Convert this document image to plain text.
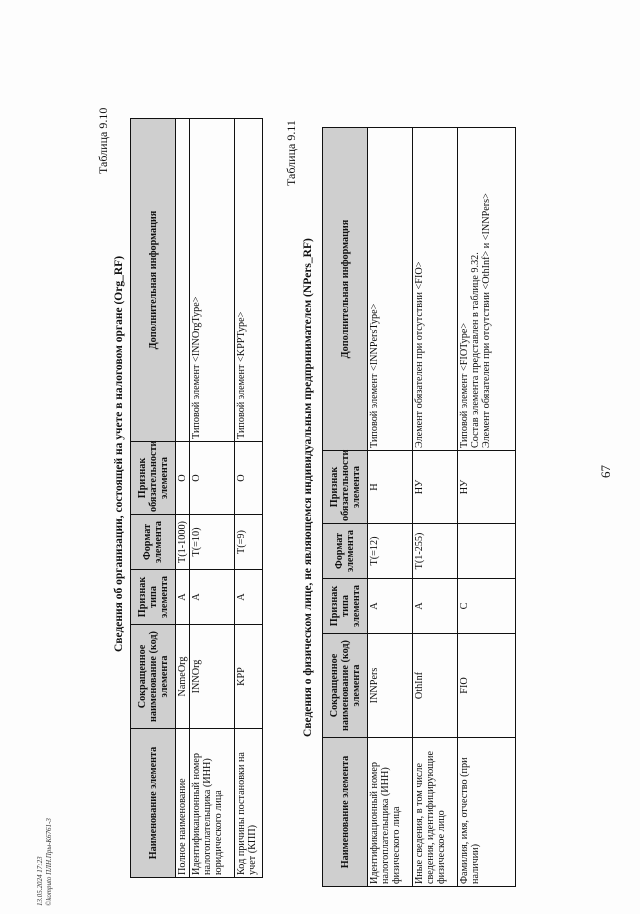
67
13.05.2024 17:23 ©komputo ПЛН.Пры-К6761-3
Таблица 9.10
Сведения об организации, состоящей на учете в налоговом органе (Org_RF)
Наименование элемента	Сокращенное наименование (код) элемента	Признак типа элемента	Формат элемента	Признак обязательности элемента	Дополнительная информация
Полное наименование	NameOrg	А	T(1-1000)	О	
Идентификационный номер налогоплательщика (ИНН) юридического лица	INNOrg	А	T(=10)	О	Типовой элемент <INNOrgType>
Код причины постановки на учет (КПП)	KPP	А	T(=9)	О	Типовой элемент <KPPType>
Таблица 9.11
Сведения о физическом лице, не являющемся индивидуальным предпринимателем (NPers_RF)
Наименование элемента	Сокращенное наименование (код) элемента	Признак типа элемента	Формат элемента	Признак обязательности элемента	Дополнительная информация
Идентификационный номер налогоплательщика (ИНН) физического лица	INNPers	А	T(=12)	Н	Типовой элемент <INNPersType>
Иные сведения, в том числе сведения, идентифицирующие физическое лицо	OthInf	А	T(1-255)	НУ	Элемент обязателен при отсутствии <FIO>
Фамилия, имя, отчество (при наличии)	FIO	С		НУ	Типовой элемент <FIOType>
Состав элемента представлен в таблице 9.32.
Элемент обязателен при отсутствии <OthInf> и <INNPers>
